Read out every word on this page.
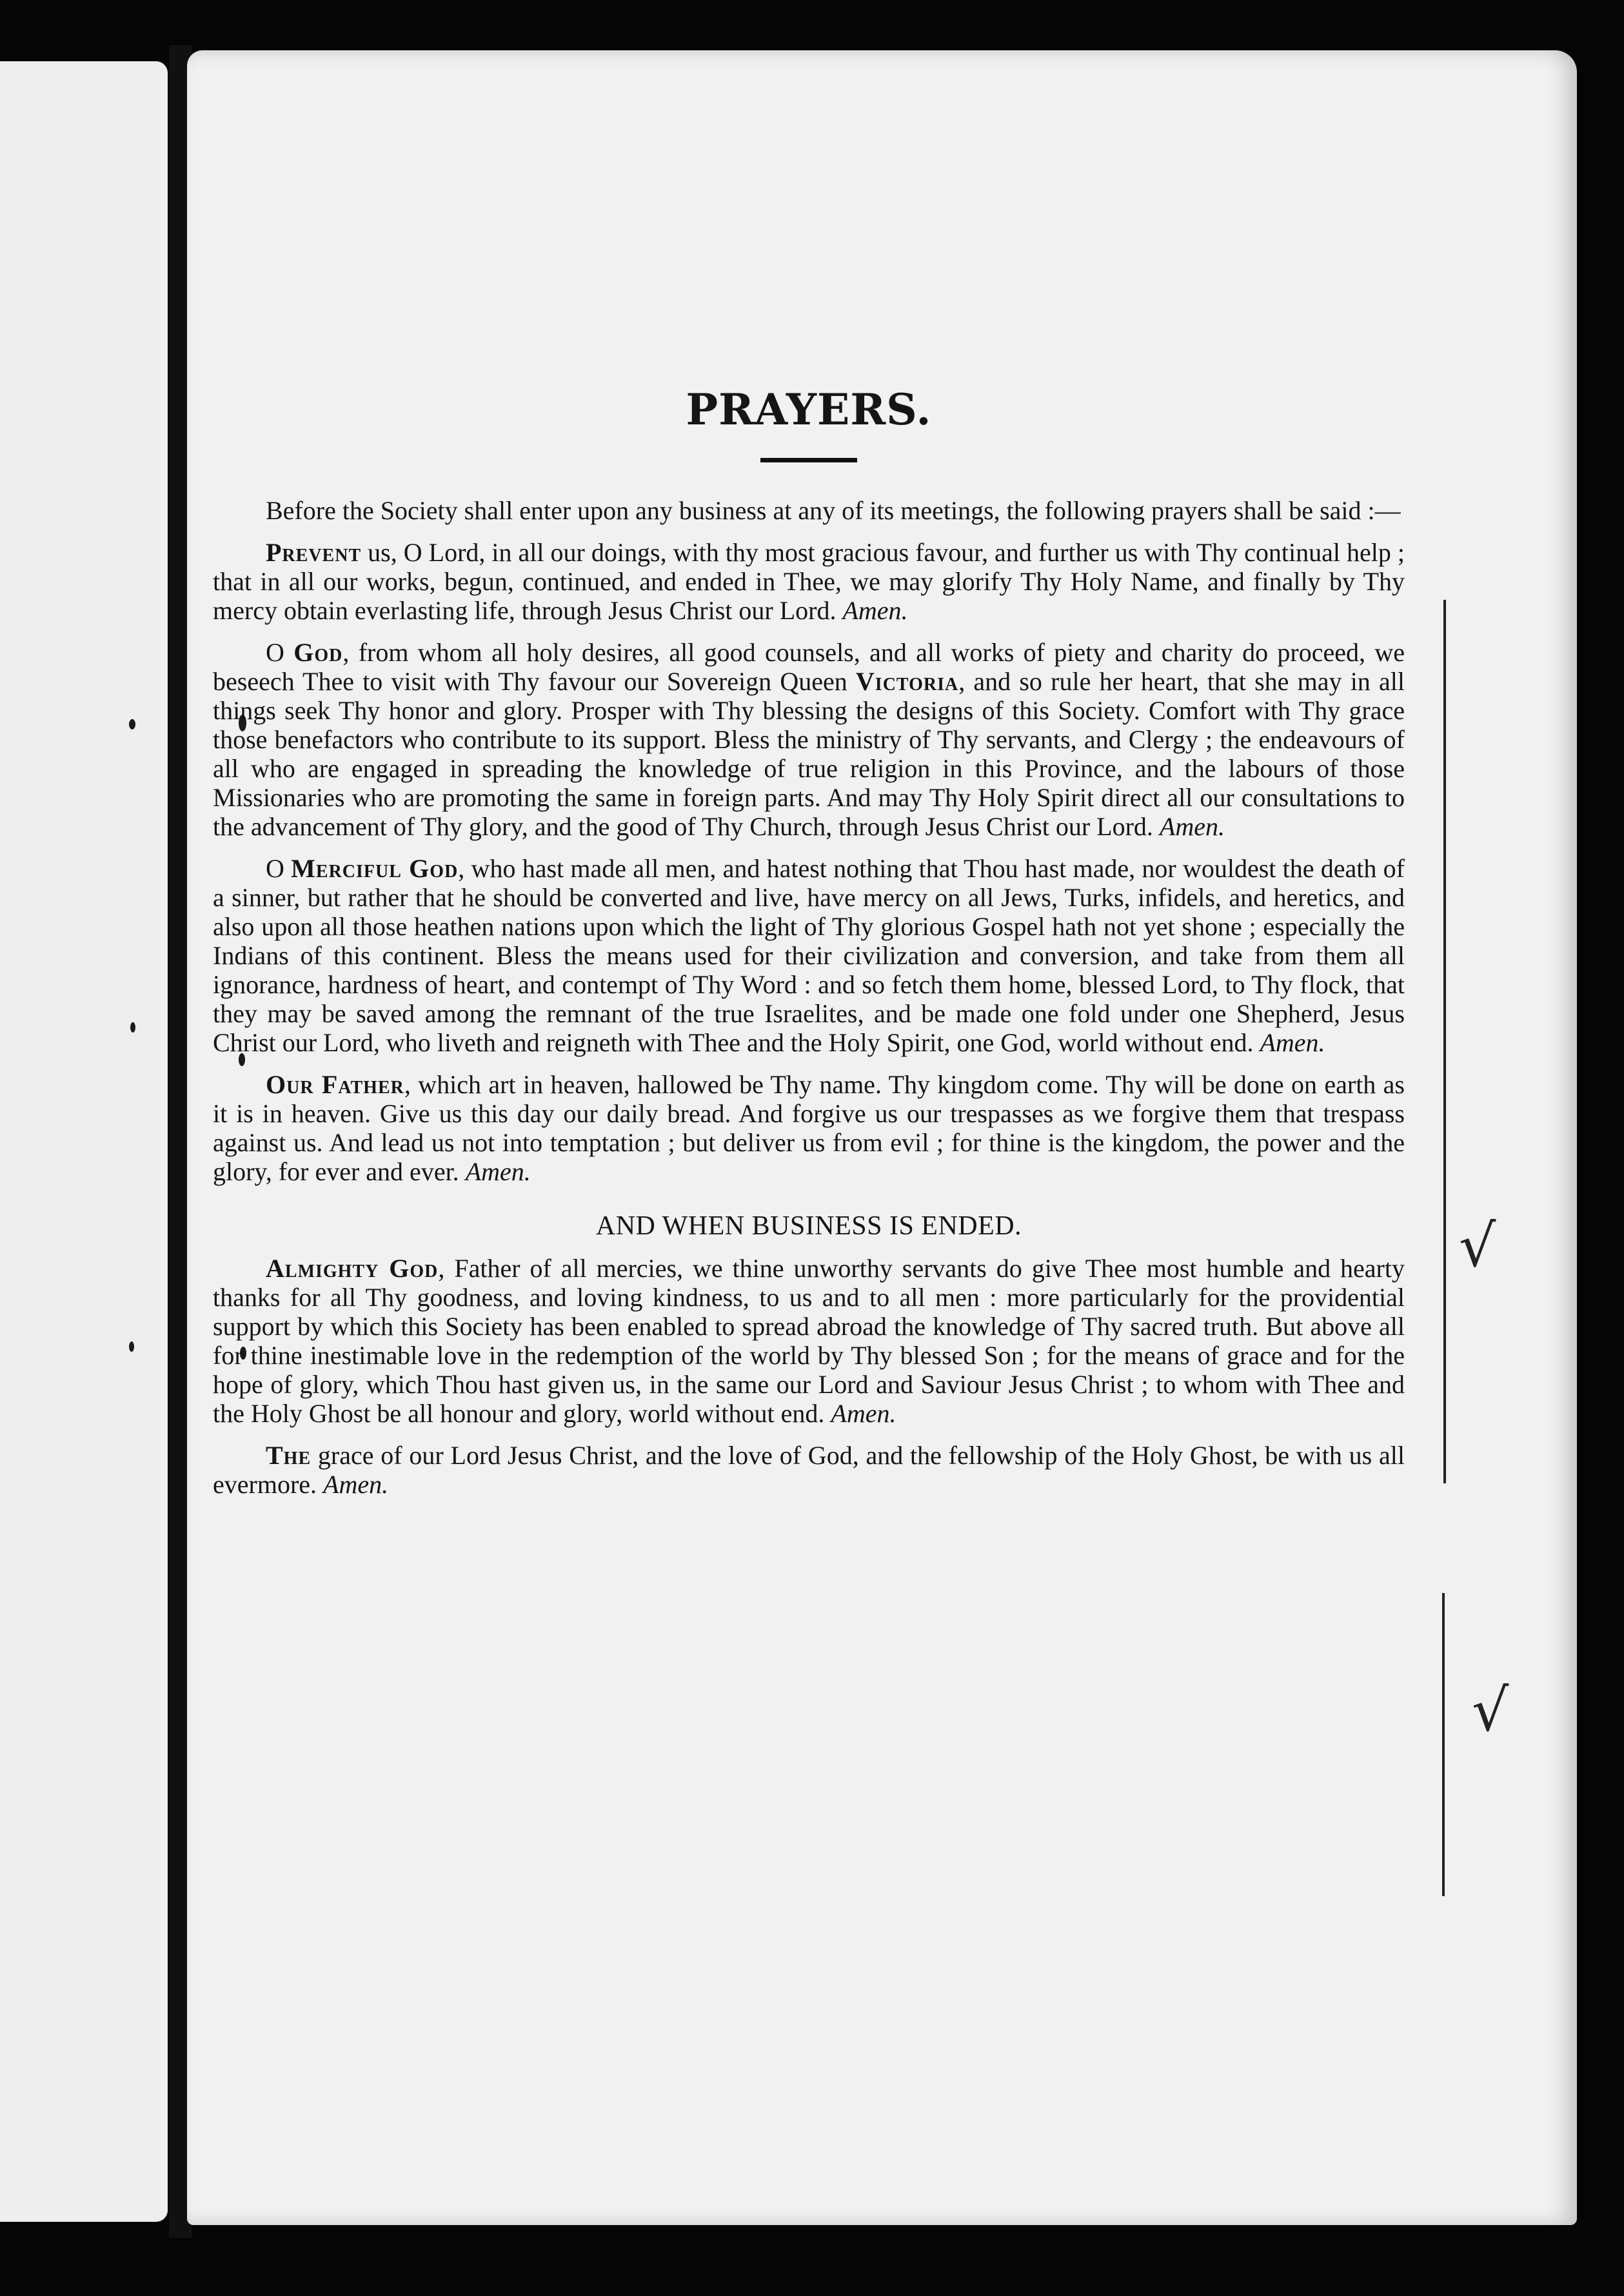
PRAYERS.

Before the Society shall enter upon any business at any of its meetings, the following prayers shall be said :—

Prevent us, O Lord, in all our doings, with thy most gracious favour, and further us with Thy continual help ; that in all our works, begun, continued, and ended in Thee, we may glorify Thy Holy Name, and finally by Thy mercy obtain everlasting life, through Jesus Christ our Lord. Amen.

O God, from whom all holy desires, all good counsels, and all works of piety and charity do proceed, we beseech Thee to visit with Thy favour our Sovereign Queen Victoria, and so rule her heart, that she may in all things seek Thy honor and glory. Prosper with Thy blessing the designs of this Society. Comfort with Thy grace those benefactors who contribute to its support. Bless the ministry of Thy servants, and Clergy ; the endeavours of all who are engaged in spreading the knowledge of true religion in this Province, and the labours of those Missionaries who are promoting the same in foreign parts. And may Thy Holy Spirit direct all our consultations to the advancement of Thy glory, and the good of Thy Church, through Jesus Christ our Lord. Amen.

O Merciful God, who hast made all men, and hatest nothing that Thou hast made, nor wouldest the death of a sinner, but rather that he should be converted and live, have mercy on all Jews, Turks, infidels, and heretics, and also upon all those heathen nations upon which the light of Thy glorious Gospel hath not yet shone ; especially the Indians of this continent. Bless the means used for their civilization and conversion, and take from them all ignorance, hardness of heart, and contempt of Thy Word : and so fetch them home, blessed Lord, to Thy flock, that they may be saved among the remnant of the true Israelites, and be made one fold under one Shepherd, Jesus Christ our Lord, who liveth and reigneth with Thee and the Holy Spirit, one God, world without end. Amen.

Our Father, which art in heaven, hallowed be Thy name. Thy kingdom come. Thy will be done on earth as it is in heaven. Give us this day our daily bread. And forgive us our trespasses as we forgive them that trespass against us. And lead us not into temptation ; but deliver us from evil ; for thine is the kingdom, the power and the glory, for ever and ever. Amen.

AND WHEN BUSINESS IS ENDED.

Almighty God, Father of all mercies, we thine unworthy servants do give Thee most humble and hearty thanks for all Thy goodness, and loving kindness, to us and to all men : more particularly for the providential support by which this Society has been enabled to spread abroad the knowledge of Thy sacred truth. But above all for thine inestimable love in the redemption of the world by Thy blessed Son ; for the means of grace and for the hope of glory, which Thou hast given us, in the same our Lord and Saviour Jesus Christ ; to whom with Thee and the Holy Ghost be all honour and glory, world without end. Amen.

The grace of our Lord Jesus Christ, and the love of God, and the fellowship of the Holy Ghost, be with us all evermore. Amen.

√
√
